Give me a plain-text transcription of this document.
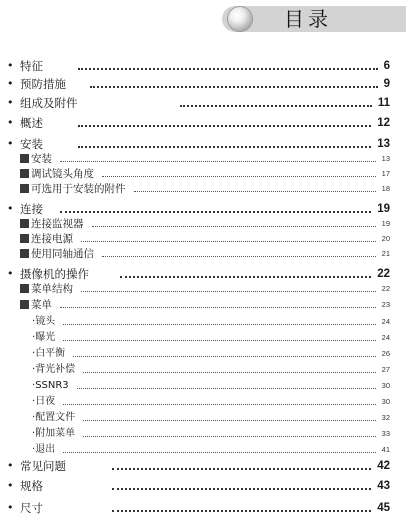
目录
• 特征	6
• 预防措施	9
• 组成及附件	11
• 概述	12
• 安装	13
安装	13
调试镜头角度	17
可选用于安装的附件	18
• 连接	19
连接监视器	19
连接电源	20
使用同轴通信	21
• 摄像机的操作	22
菜单结构	22
菜单	23
·镜头	24
·曝光	24
·白平衡	26
·背光补偿	27
·SSNR3	30
·日夜	30
·配置文件	32
·附加菜单	33
·退出	41
• 常见问题	42
• 规格	43
• 尺寸	45
